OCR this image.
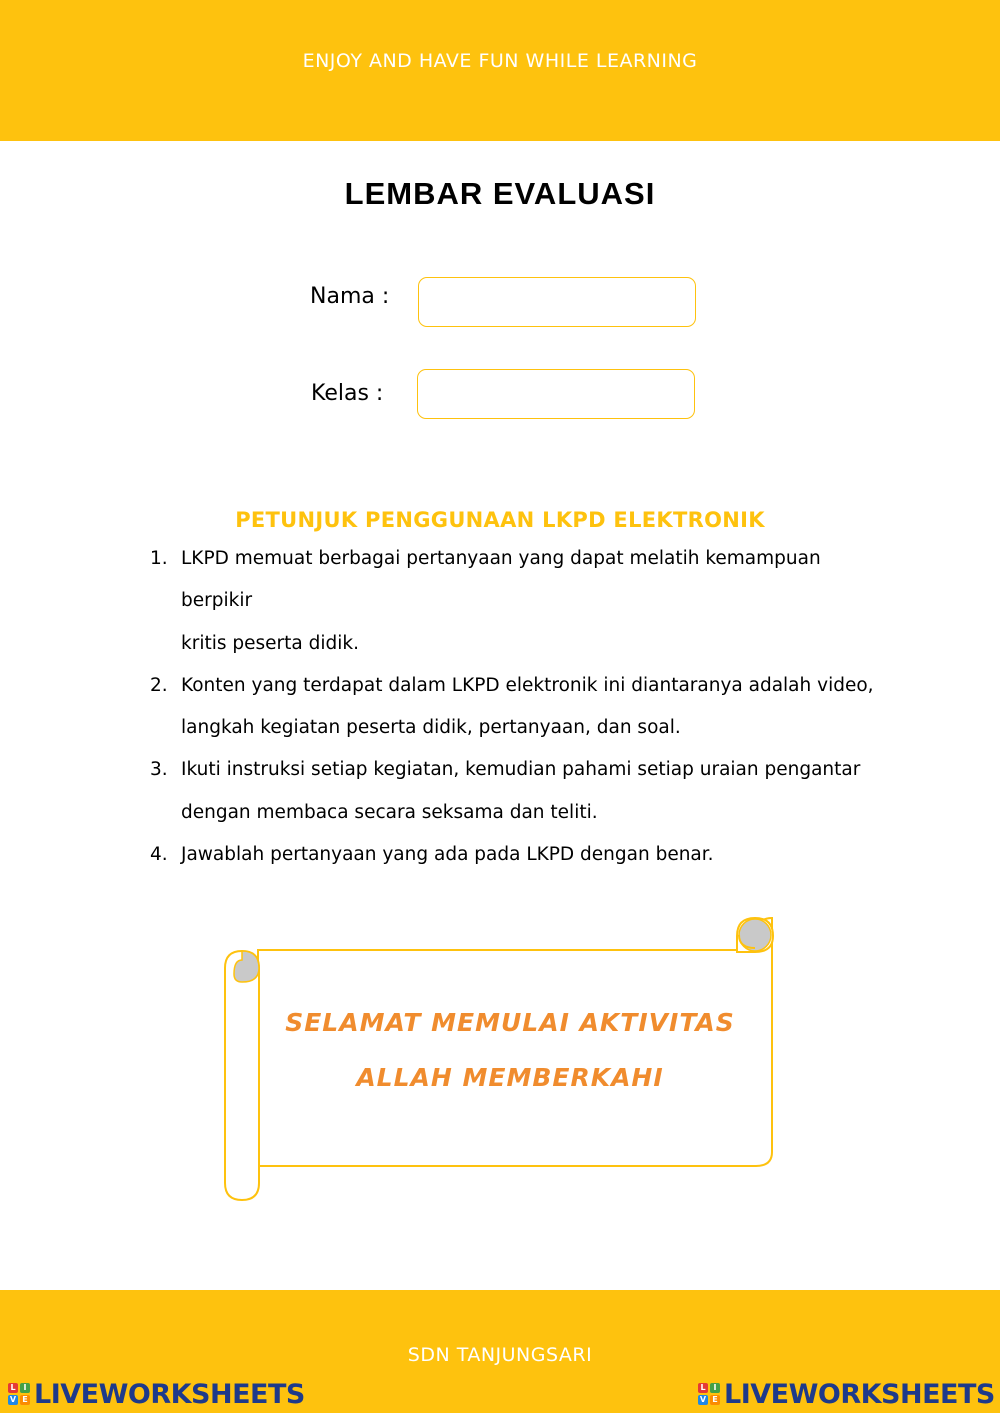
ENJOY AND HAVE FUN WHILE LEARNING
LEMBAR EVALUASI
Nama :
Kelas :
PETUNJUK PENGGUNAAN LKPD ELEKTRONIK
1. LKPD memuat berbagai pertanyaan yang dapat melatih kemampuan berpikir
kritis peserta didik.
2. Konten yang terdapat dalam LKPD elektronik ini diantaranya adalah video,
langkah kegiatan peserta didik, pertanyaan, dan soal.
3. Ikuti instruksi setiap kegiatan, kemudian pahami setiap uraian pengantar
dengan membaca secara seksama dan teliti.
4. Jawablah pertanyaan yang ada pada LKPD dengan benar.
SELAMAT MEMULAI AKTIVITAS
ALLAH MEMBERKAHI
SDN TANJUNGSARI
L I
V E LIVEWORKSHEETS	L I
V E LIVEWORKSHEETS
